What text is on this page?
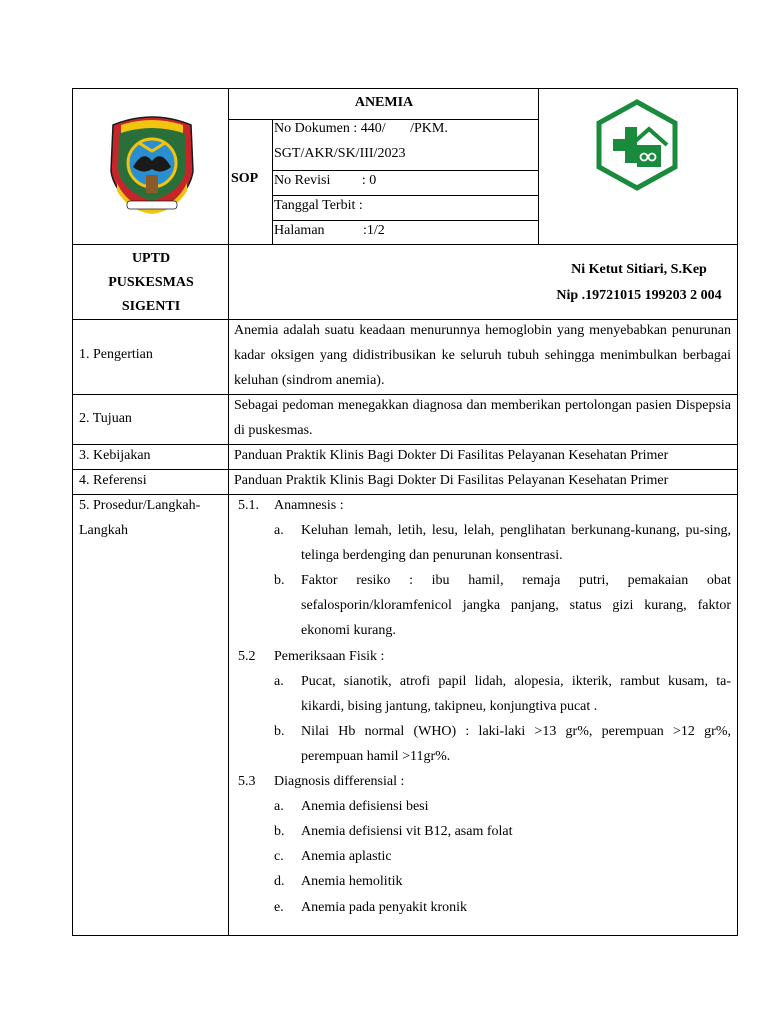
ANEMIA
SOP
No Dokumen : 440/       /PKM.
SGT/AKR/SK/III/2023
No Revisi         : 0
Tanggal Terbit :
Halaman           :1/2
UPTD
PUSKESMAS
SIGENTI
Ni Ketut Sitiari, S.Kep
Nip .19721015 199203 2 004
1. Pengertian
Anemia adalah suatu keadaan menurunnya hemoglobin yang menyebabkan penurunan kadar oksigen yang didistribusikan ke seluruh tubuh sehingga menimbulkan berbagai keluhan (sindrom anemia).
2. Tujuan
Sebagai pedoman menegakkan diagnosa dan memberikan pertolongan pasien Dispepsia di puskesmas.
3. Kebijakan	Panduan Praktik Klinis Bagi Dokter Di Fasilitas Pelayanan Kesehatan Primer
4. Referensi	Panduan Praktik Klinis Bagi Dokter Di Fasilitas Pelayanan Kesehatan Primer
5. Prosedur/Langkah-
Langkah
5.1. Anamnesis :
a. Keluhan lemah, letih, lesu, lelah, penglihatan berkunang-kunang, pu-sing, telinga berdenging dan penurunan konsentrasi.
b. Faktor resiko : ibu hamil, remaja putri, pemakaian obat sefalosporin/kloramfenicol jangka panjang, status gizi kurang, faktor ekonomi kurang.
5.2 Pemeriksaan Fisik :
a. Pucat, sianotik, atrofi papil lidah, alopesia, ikterik, rambut kusam, ta-kikardi, bising jantung, takipneu, konjungtiva pucat .
b. Nilai Hb normal (WHO) : laki-laki >13 gr%, perempuan >12 gr%, perempuan hamil >11gr%.
5.3 Diagnosis differensial :
a. Anemia defisiensi besi
b. Anemia defisiensi vit B12, asam folat
c. Anemia aplastic
d. Anemia hemolitik
e. Anemia pada penyakit kronik
